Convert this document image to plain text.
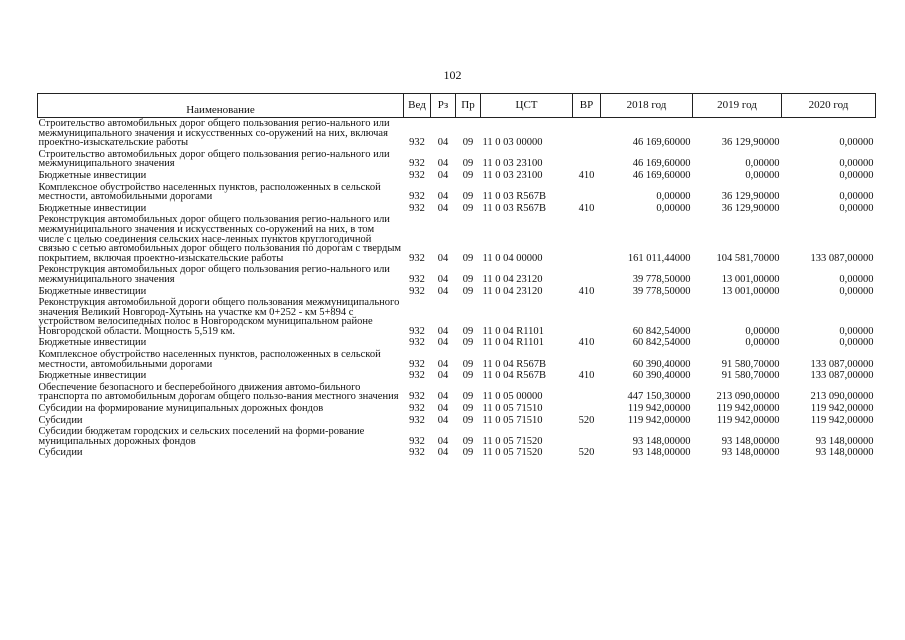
102
Наименование	Вед	Рз	Пр	ЦСТ	ВР	2018 год	2019 год	2020 год
Строительство автомобильных дорог общего пользования регио-нального или межмуниципального значения и искусственных со-оружений на них, включая проектно-изыскательские работы	932	04	09	11 0 03 00000		46 169,60000	36 129,90000	0,00000
Строительство автомобильных дорог общего пользования регио-нального или межмуниципального значения	932	04	09	11 0 03 23100		46 169,60000	0,00000	0,00000
Бюджетные инвестиции	932	04	09	11 0 03 23100	410	46 169,60000	0,00000	0,00000
Комплексное обустройство населенных пунктов, расположенных в сельской местности, автомобильными дорогами	932	04	09	11 0 03 R567B		0,00000	36 129,90000	0,00000
Бюджетные инвестиции	932	04	09	11 0 03 R567B	410	0,00000	36 129,90000	0,00000
Реконструкция автомобильных дорог общего пользования регио-нального или межмуниципального значения и искусственных со-оружений на них, в том числе с целью соединения сельских насе-ленных пунктов круглогодичной связью с сетью автомобильных дорог общего пользования по дорогам с твердым покрытием, включая проектно-изыскательские работы	932	04	09	11 0 04 00000		161 011,44000	104 581,70000	133 087,00000
Реконструкция автомобильных дорог общего пользования регио-нального или межмуниципального значения	932	04	09	11 0 04 23120		39 778,50000	13 001,00000	0,00000
Бюджетные инвестиции	932	04	09	11 0 04 23120	410	39 778,50000	13 001,00000	0,00000
Реконструкция автомобильной дороги общего пользования межмуниципального значения Великий Новгород-Хутынь на участке км 0+252 - км 5+894 с устройством велосипедных полос в Новгородском муниципальном районе Новгородской области. Мощность 5,519 км.	932	04	09	11 0 04 R1101		60 842,54000	0,00000	0,00000
Бюджетные инвестиции	932	04	09	11 0 04 R1101	410	60 842,54000	0,00000	0,00000
Комплексное обустройство населенных пунктов, расположенных в сельской местности, автомобильными дорогами	932	04	09	11 0 04 R567B		60 390,40000	91 580,70000	133 087,00000
Бюджетные инвестиции	932	04	09	11 0 04 R567B	410	60 390,40000	91 580,70000	133 087,00000
Обеспечение безопасного и бесперебойного движения автомо-бильного транспорта по автомобильным дорогам общего пользо-вания местного значения	932	04	09	11 0 05 00000		447 150,30000	213 090,00000	213 090,00000
Субсидии на формирование муниципальных дорожных фондов	932	04	09	11 0 05 71510		119 942,00000	119 942,00000	119 942,00000
Субсидии	932	04	09	11 0 05 71510	520	119 942,00000	119 942,00000	119 942,00000
Субсидии бюджетам городских и сельских поселений на форми-рование муниципальных дорожных фондов	932	04	09	11 0 05 71520		93 148,00000	93 148,00000	93 148,00000
Субсидии	932	04	09	11 0 05 71520	520	93 148,00000	93 148,00000	93 148,00000
